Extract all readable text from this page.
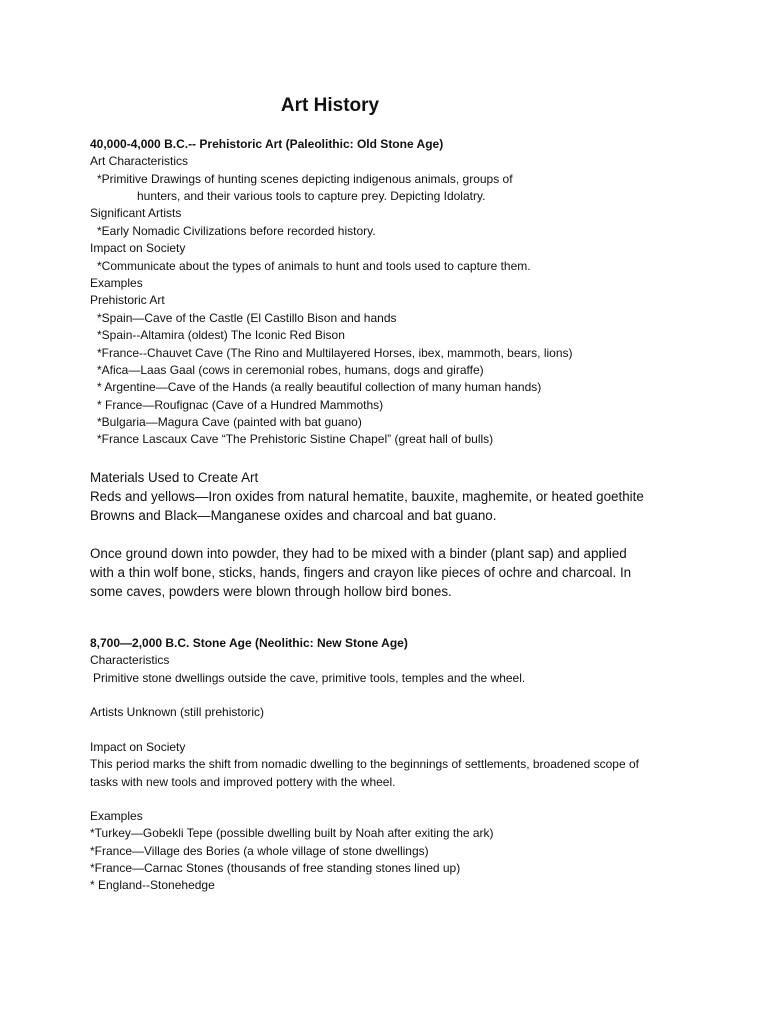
Art History
40,000-4,000 B.C.-- Prehistoric Art (Paleolithic: Old Stone Age)
Art Characteristics
*Primitive Drawings of hunting scenes depicting indigenous animals, groups of
hunters, and their various tools to capture prey. Depicting Idolatry.
Significant Artists
*Early Nomadic Civilizations before recorded history.
Impact on Society
*Communicate about the types of animals to hunt and tools used to capture them.
Examples
Prehistoric Art
*Spain—Cave of the Castle (El Castillo Bison and hands
*Spain--Altamira (oldest) The Iconic Red Bison
*France--Chauvet Cave (The Rino and Multilayered Horses, ibex, mammoth, bears, lions)
*Afica—Laas Gaal (cows in ceremonial robes, humans, dogs and giraffe)
* Argentine—Cave of the Hands (a really beautiful collection of many human hands)
* France—Roufignac (Cave of a Hundred Mammoths)
*Bulgaria—Magura Cave (painted with bat guano)
*France Lascaux Cave “The Prehistoric Sistine Chapel” (great hall of bulls)
Materials Used to Create Art
Reds and yellows—Iron oxides from natural hematite, bauxite, maghemite, or heated goethite
Browns and Black—Manganese oxides and charcoal and bat guano.
Once ground down into powder, they had to be mixed with a binder (plant sap) and applied
with a thin wolf bone, sticks, hands, fingers and crayon like pieces of ochre and charcoal. In
some caves, powders were blown through hollow bird bones.
8,700—2,000 B.C. Stone Age (Neolithic: New Stone Age)
Characteristics
Primitive stone dwellings outside the cave, primitive tools, temples and the wheel.
Artists Unknown (still prehistoric)
Impact on Society
This period marks the shift from nomadic dwelling to the beginnings of settlements, broadened scope of
tasks with new tools and improved pottery with the wheel.
Examples
*Turkey—Gobekli Tepe (possible dwelling built by Noah after exiting the ark)
*France—Village des Bories (a whole village of stone dwellings)
*France—Carnac Stones (thousands of free standing stones lined up)
* England--Stonehedge
